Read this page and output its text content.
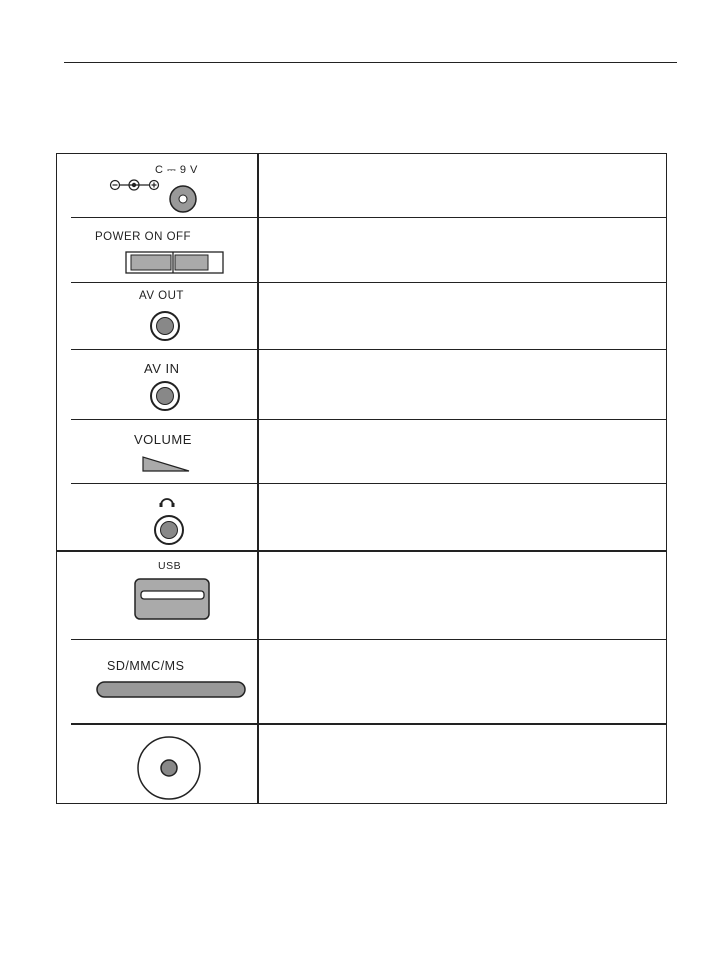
C ⎓ 9 V
POWER ON OFF
AV OUT
AV IN
VOLUME
USB
SD/MMC/MS
